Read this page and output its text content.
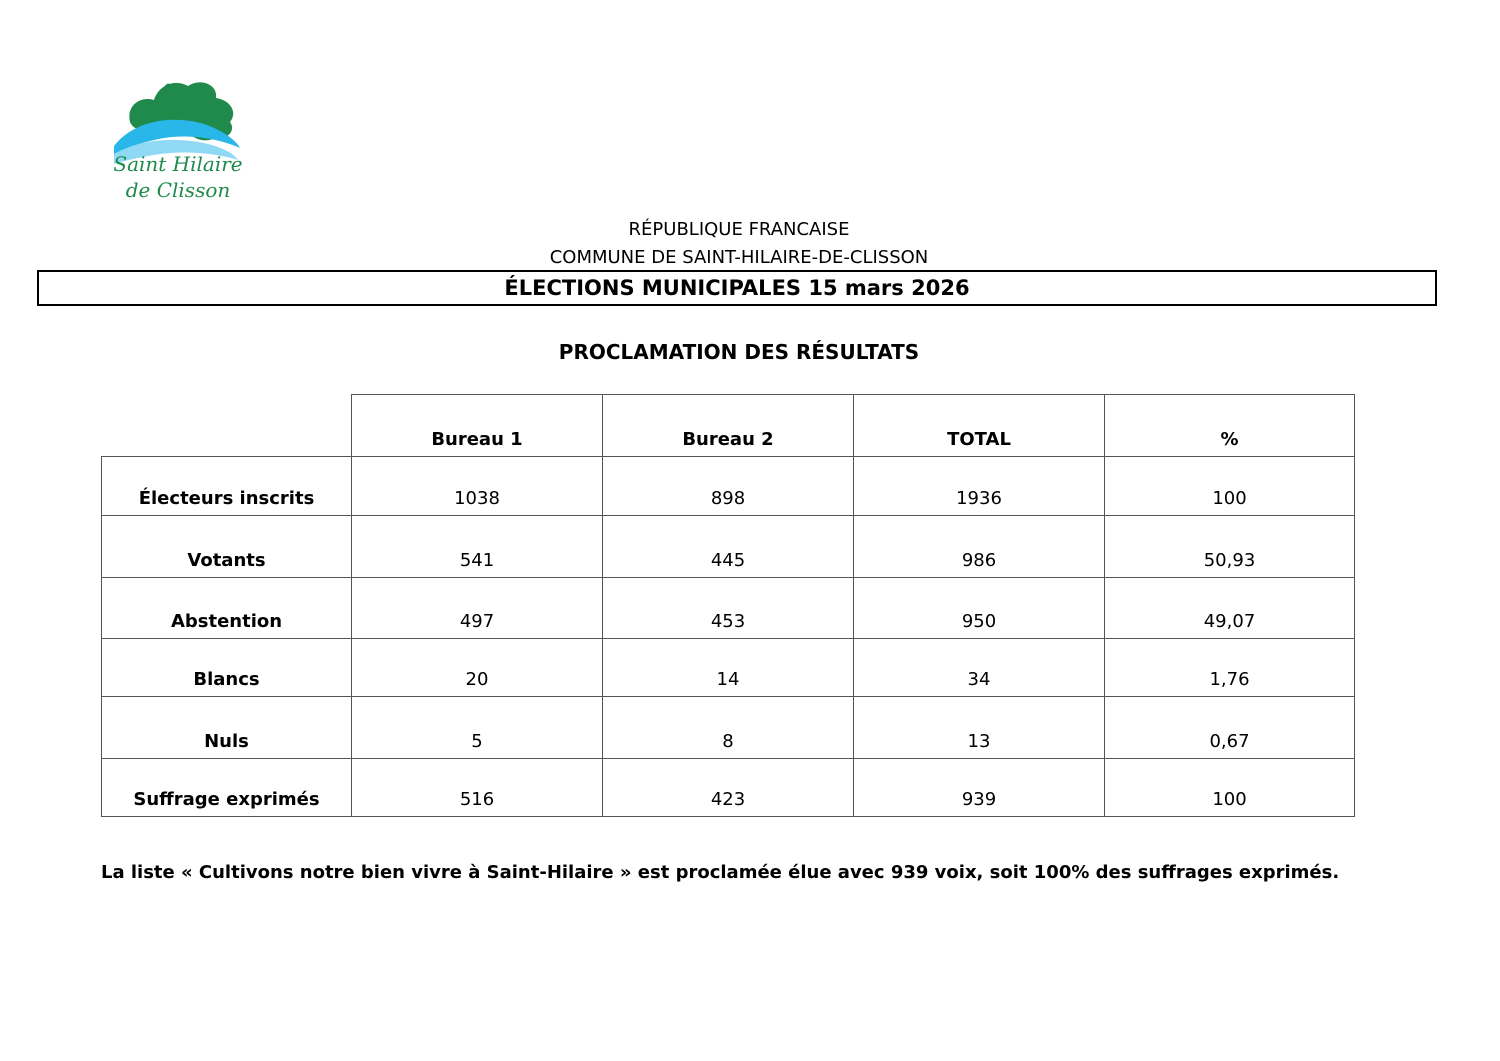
Saint Hilaire
de Clisson
RÉPUBLIQUE FRANCAISE
COMMUNE DE SAINT-HILAIRE-DE-CLISSON
ÉLECTIONS MUNICIPALES 15 mars 2026
PROCLAMATION DES RÉSULTATS
	Bureau 1	Bureau 2	TOTAL	%
Électeurs inscrits	1038	898	1936	100
Votants	541	445	986	50,93
Abstention	497	453	950	49,07
Blancs	20	14	34	1,76
Nuls	5	8	13	0,67
Suffrage exprimés	516	423	939	100
La liste « Cultivons notre bien vivre à Saint-Hilaire » est proclamée élue avec 939 voix, soit 100% des suffrages exprimés.
